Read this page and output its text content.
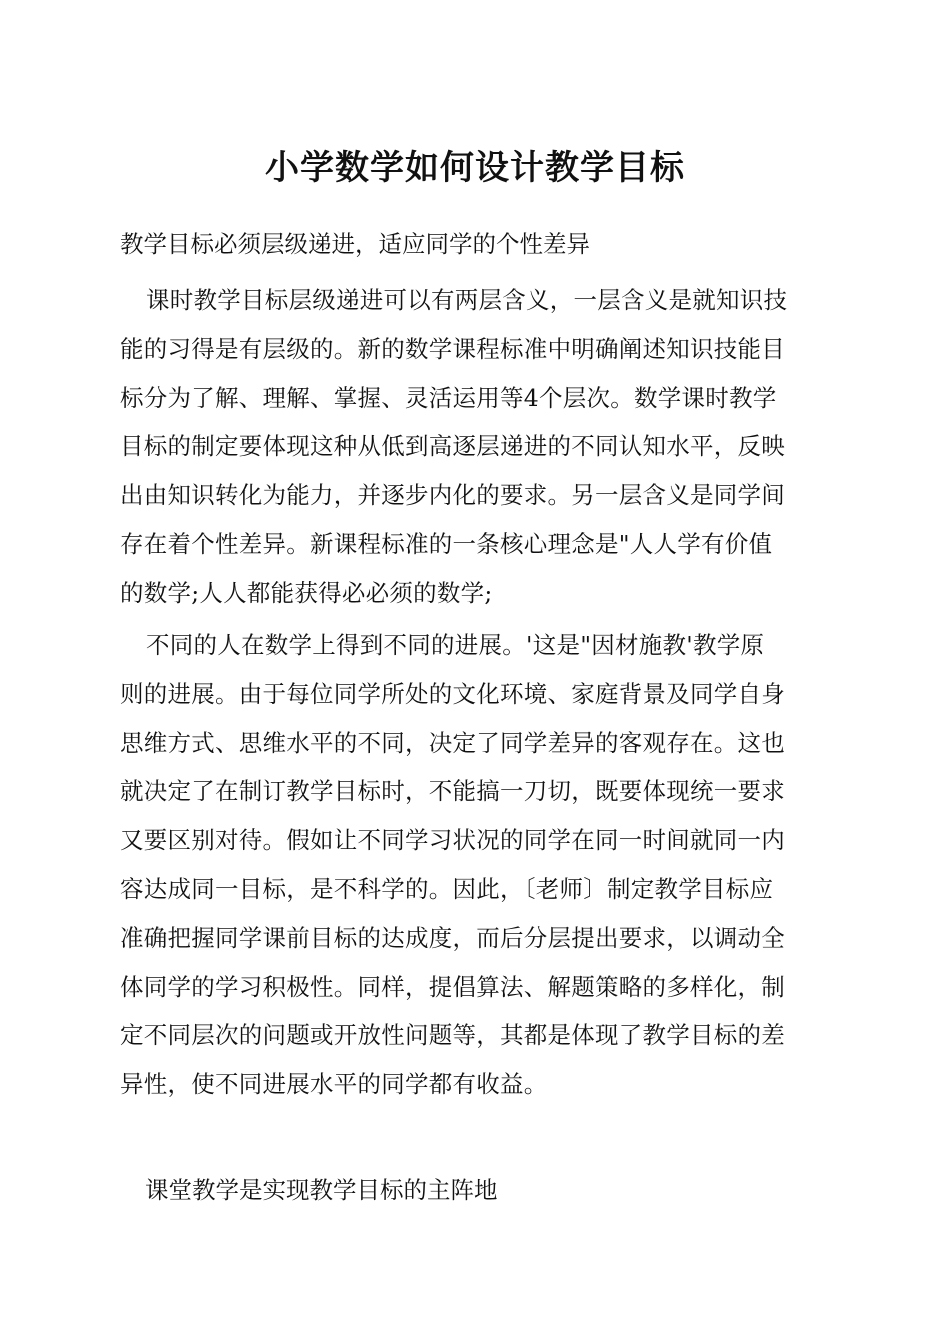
小学数学如何设计教学目标
教学目标必须层级递进，适应同学的个性差异
课时教学目标层级递进可以有两层含义，一层含义是就知识技
能的习得是有层级的。新的数学课程标准中明确阐述知识技能目
标分为了解、理解、掌握、灵活运用等4个层次。数学课时教学
目标的制定要体现这种从低到高逐层递进的不同认知水平，反映
出由知识转化为能力，并逐步内化的要求。另一层含义是同学间
存在着个性差异。新课程标准的一条核心理念是"人人学有价值
的数学;人人都能获得必必须的数学;
不同的人在数学上得到不同的进展。'这是"因材施教'教学原
则的进展。由于每位同学所处的文化环境、家庭背景及同学自身
思维方式、思维水平的不同，决定了同学差异的客观存在。这也
就决定了在制订教学目标时，不能搞一刀切，既要体现统一要求
又要区别对待。假如让不同学习状况的同学在同一时间就同一内
容达成同一目标，是不科学的。因此，〔老师〕制定教学目标应
准确把握同学课前目标的达成度，而后分层提出要求，以调动全
体同学的学习积极性。同样，提倡算法、解题策略的多样化，制
定不同层次的问题或开放性问题等，其都是体现了教学目标的差
异性，使不同进展水平的同学都有收益。
课堂教学是实现教学目标的主阵地
